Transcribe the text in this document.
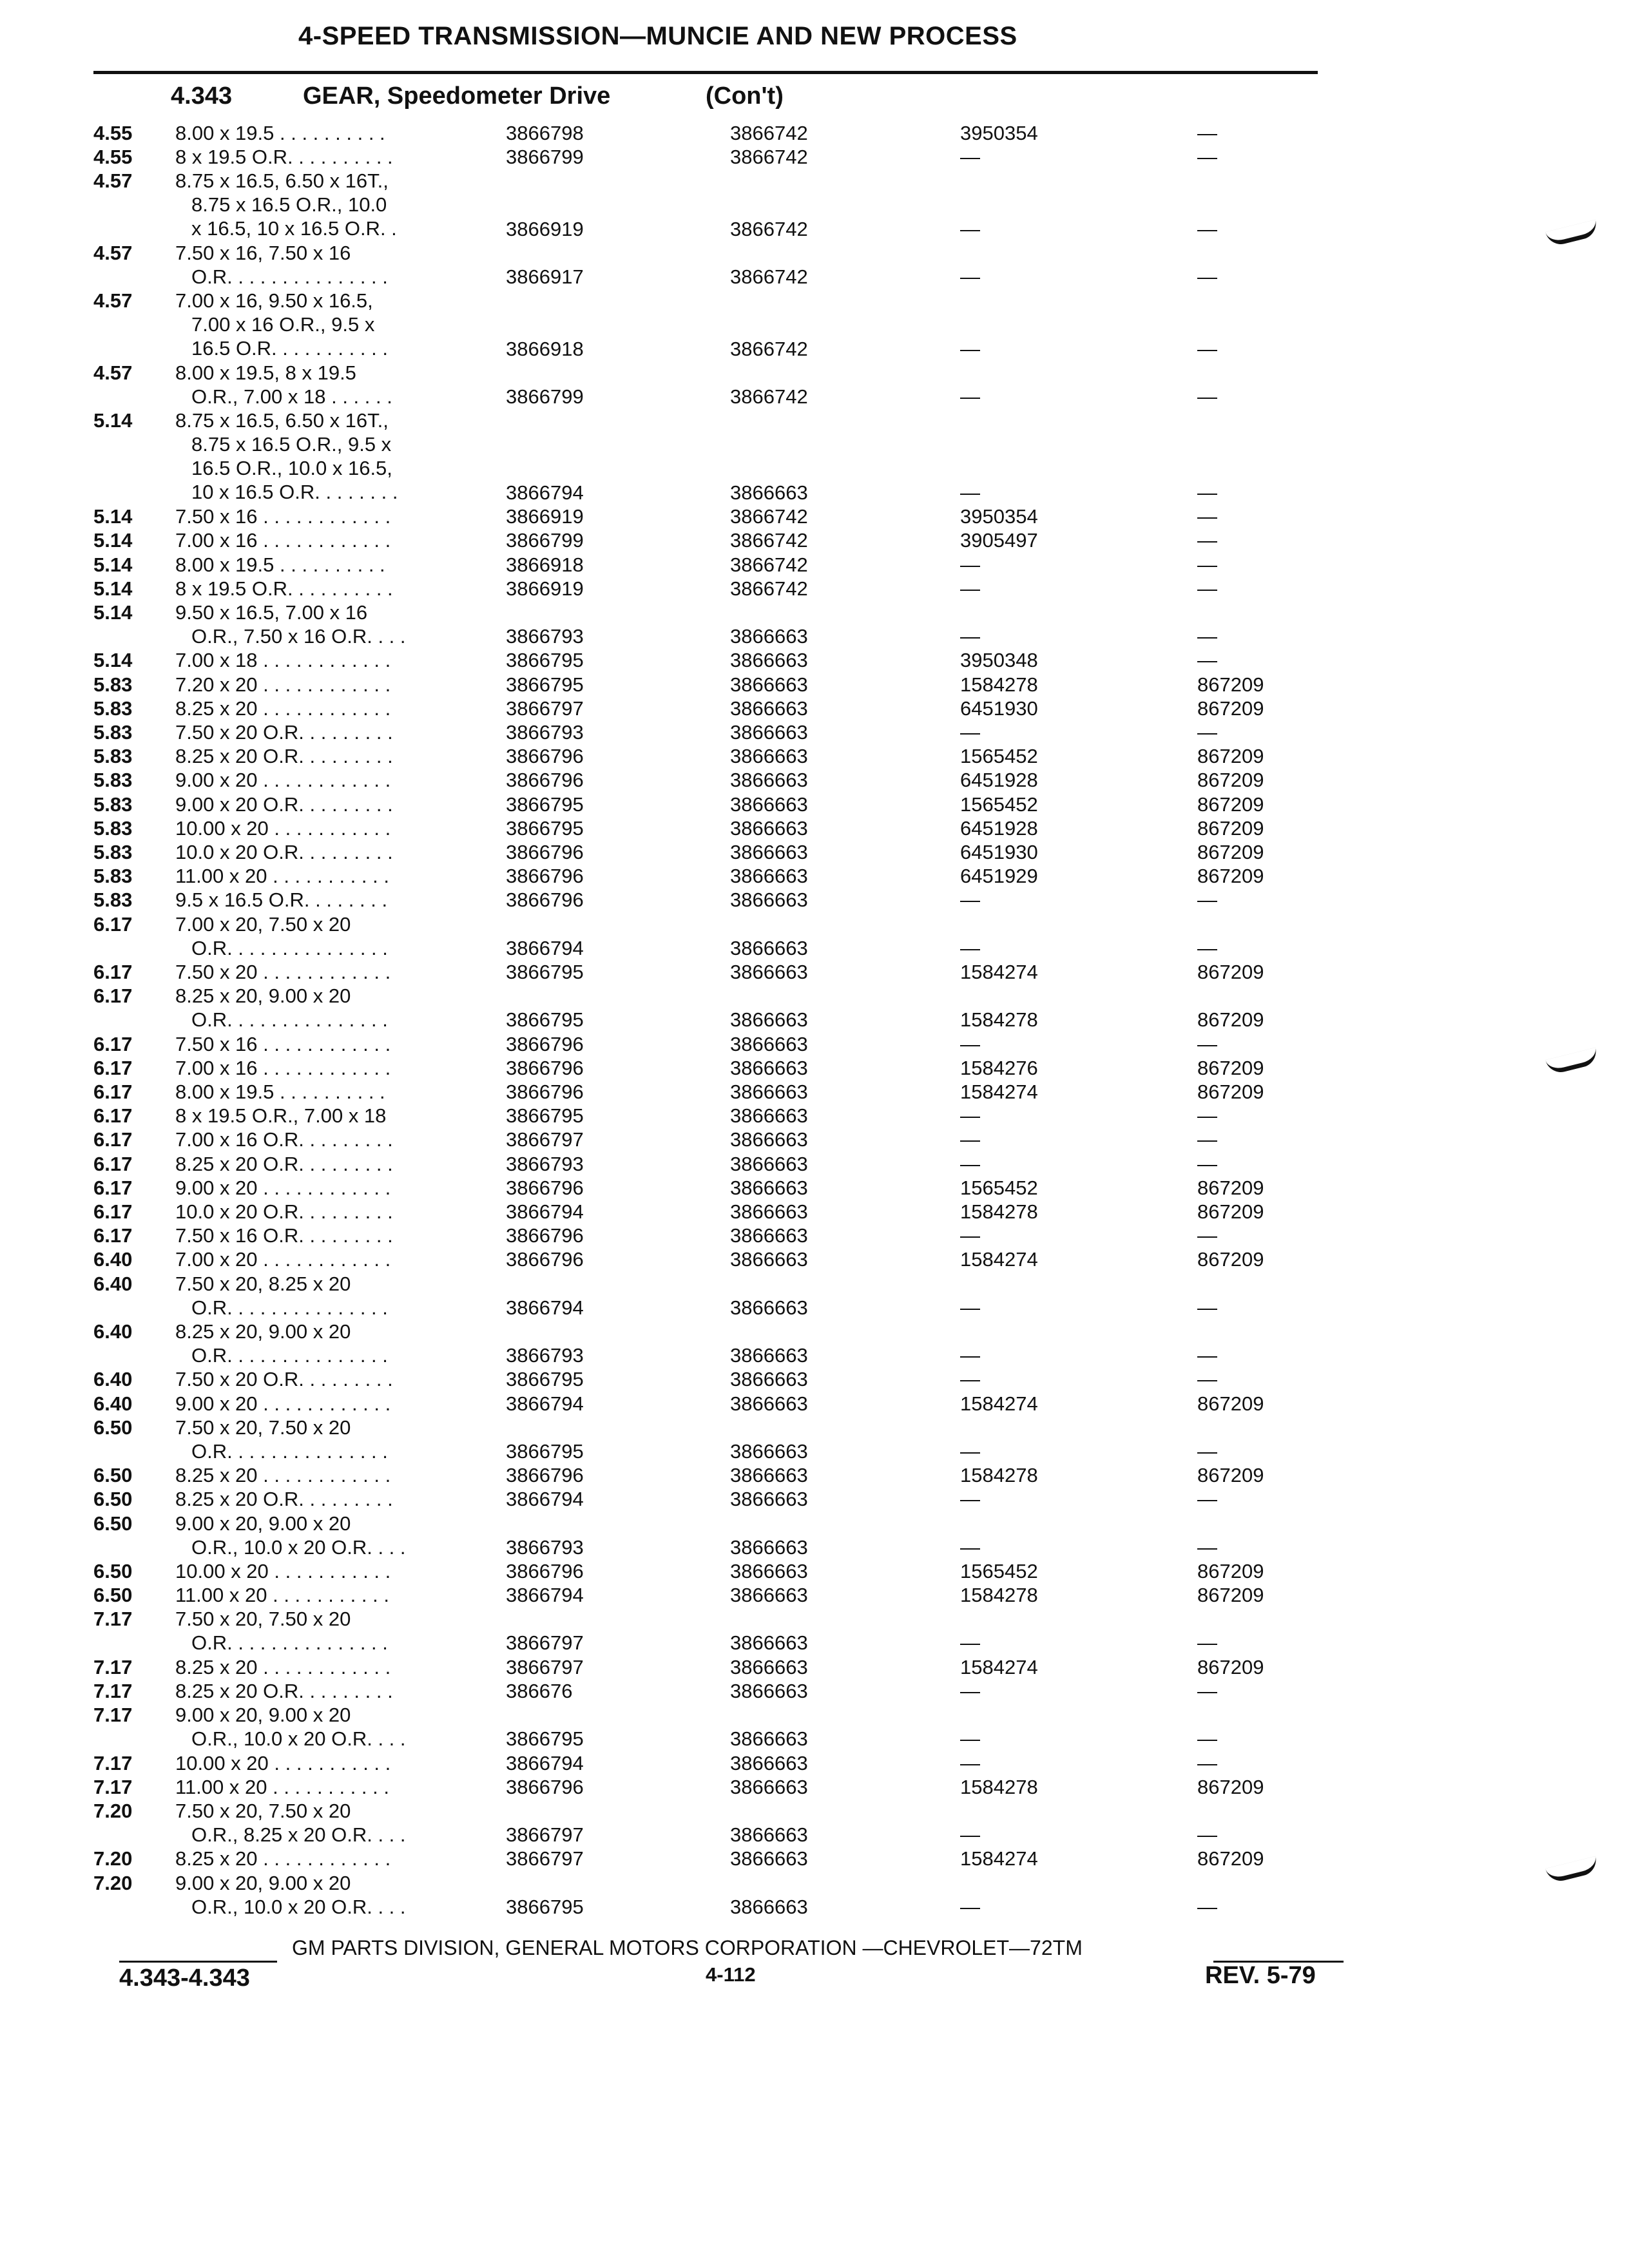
4-SPEED TRANSMISSION—MUNCIE AND NEW PROCESS
4.343	GEAR, Speedometer Drive	(Con't)
4.55 8.00 x 19.5 . . . . . . . . . .	3866798	3866742	3950354	—
4.55 8 x 19.5 O.R. . . . . . . . . .	3866799	3866742	—	—
4.57 8.75 x 16.5, 6.50 x 16T.,
8.75 x 16.5 O.R., 10.0
x 16.5, 10 x 16.5 O.R. .	3866919	3866742	—	—
4.57 7.50 x 16, 7.50 x 16
O.R. . . . . . . . . . . . . . .	3866917	3866742	—	—
4.57 7.00 x 16, 9.50 x 16.5,
7.00 x 16 O.R., 9.5 x
16.5 O.R. . . . . . . . . . .	3866918	3866742	—	—
4.57 8.00 x 19.5, 8 x 19.5
O.R., 7.00 x 18 . . . . . .	3866799	3866742	—	—
5.14 8.75 x 16.5, 6.50 x 16T.,
8.75 x 16.5 O.R., 9.5 x
16.5 O.R., 10.0 x 16.5,
10 x 16.5 O.R. . . . . . . .	3866794	3866663	—	—
5.14 7.50 x 16 . . . . . . . . . . . .	3866919	3866742	3950354	—
5.14 7.00 x 16 . . . . . . . . . . . .	3866799	3866742	3905497	—
5.14 8.00 x 19.5 . . . . . . . . . .	3866918	3866742	—	—
5.14 8 x 19.5 O.R. . . . . . . . . .	3866919	3866742	—	—
5.14 9.50 x 16.5, 7.00 x 16
O.R., 7.50 x 16 O.R. . . .	3866793	3866663	—	—
5.14 7.00 x 18 . . . . . . . . . . . .	3866795	3866663	3950348	—
5.83 7.20 x 20 . . . . . . . . . . . .	3866795	3866663	1584278	867209
5.83 8.25 x 20 . . . . . . . . . . . .	3866797	3866663	6451930	867209
5.83 7.50 x 20 O.R. . . . . . . . .	3866793	3866663	—	—
5.83 8.25 x 20 O.R. . . . . . . . .	3866796	3866663	1565452	867209
5.83 9.00 x 20 . . . . . . . . . . . .	3866796	3866663	6451928	867209
5.83 9.00 x 20 O.R. . . . . . . . .	3866795	3866663	1565452	867209
5.83 10.00 x 20 . . . . . . . . . . .	3866795	3866663	6451928	867209
5.83 10.0 x 20 O.R. . . . . . . . .	3866796	3866663	6451930	867209
5.83 11.00 x 20 . . . . . . . . . . .	3866796	3866663	6451929	867209
5.83 9.5 x 16.5 O.R. . . . . . . .	3866796	3866663	—	—
6.17 7.00 x 20, 7.50 x 20
O.R. . . . . . . . . . . . . . .	3866794	3866663	—	—
6.17 7.50 x 20 . . . . . . . . . . . .	3866795	3866663	1584274	867209
6.17 8.25 x 20, 9.00 x 20
O.R. . . . . . . . . . . . . . .	3866795	3866663	1584278	867209
6.17 7.50 x 16 . . . . . . . . . . . .	3866796	3866663	—	—
6.17 7.00 x 16 . . . . . . . . . . . .	3866796	3866663	1584276	867209
6.17 8.00 x 19.5 . . . . . . . . . .	3866796	3866663	1584274	867209
6.17 8 x 19.5 O.R., 7.00 x 18	3866795	3866663	—	—
6.17 7.00 x 16 O.R. . . . . . . . .	3866797	3866663	—	—
6.17 8.25 x 20 O.R. . . . . . . . .	3866793	3866663	—	—
6.17 9.00 x 20 . . . . . . . . . . . .	3866796	3866663	1565452	867209
6.17 10.0 x 20 O.R. . . . . . . . .	3866794	3866663	1584278	867209
6.17 7.50 x 16 O.R. . . . . . . . .	3866796	3866663	—	—
6.40 7.00 x 20 . . . . . . . . . . . .	3866796	3866663	1584274	867209
6.40 7.50 x 20, 8.25 x 20
O.R. . . . . . . . . . . . . . .	3866794	3866663	—	—
6.40 8.25 x 20, 9.00 x 20
O.R. . . . . . . . . . . . . . .	3866793	3866663	—	—
6.40 7.50 x 20 O.R. . . . . . . . .	3866795	3866663	—	—
6.40 9.00 x 20 . . . . . . . . . . . .	3866794	3866663	1584274	867209
6.50 7.50 x 20, 7.50 x 20
O.R. . . . . . . . . . . . . . .	3866795	3866663	—	—
6.50 8.25 x 20 . . . . . . . . . . . .	3866796	3866663	1584278	867209
6.50 8.25 x 20 O.R. . . . . . . . .	3866794	3866663	—	—
6.50 9.00 x 20, 9.00 x 20
O.R., 10.0 x 20 O.R. . . .	3866793	3866663	—	—
6.50 10.00 x 20 . . . . . . . . . . .	3866796	3866663	1565452	867209
6.50 11.00 x 20 . . . . . . . . . . .	3866794	3866663	1584278	867209
7.17 7.50 x 20, 7.50 x 20
O.R. . . . . . . . . . . . . . .	3866797	3866663	—	—
7.17 8.25 x 20 . . . . . . . . . . . .	3866797	3866663	1584274	867209
7.17 8.25 x 20 O.R. . . . . . . . .	386676	3866663	—	—
7.17 9.00 x 20, 9.00 x 20
O.R., 10.0 x 20 O.R. . . .	3866795	3866663	—	—
7.17 10.00 x 20 . . . . . . . . . . .	3866794	3866663	—	—
7.17 11.00 x 20 . . . . . . . . . . .	3866796	3866663	1584278	867209
7.20 7.50 x 20, 7.50 x 20
O.R., 8.25 x 20 O.R. . . .	3866797	3866663	—	—
7.20 8.25 x 20 . . . . . . . . . . . .	3866797	3866663	1584274	867209
7.20 9.00 x 20, 9.00 x 20
O.R., 10.0 x 20 O.R. . . .	3866795	3866663	—	—
GM PARTS DIVISION, GENERAL MOTORS CORPORATION —CHEVROLET—72TM
4.343-4.343	4-112	REV. 5-79
